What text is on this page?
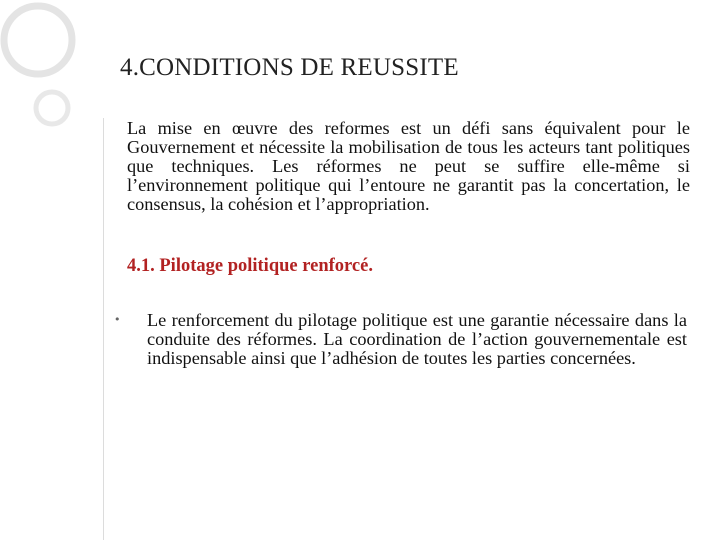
4.CONDITIONS DE REUSSITE

La mise en œuvre des reformes est un défi sans équivalent pour le Gouvernement et nécessite la mobilisation de tous les acteurs tant politiques que techniques. Les réformes ne peut se suffire elle-même si l’environnement politique qui l’entoure ne garantit pas la concertation, le consensus, la cohésion et l’appropriation.

4.1. Pilotage politique renforcé.
• Le renforcement du pilotage politique est une garantie nécessaire dans la conduite des réformes. La coordination de l’action gouvernementale est indispensable ainsi que l’adhésion de toutes les parties concernées.
